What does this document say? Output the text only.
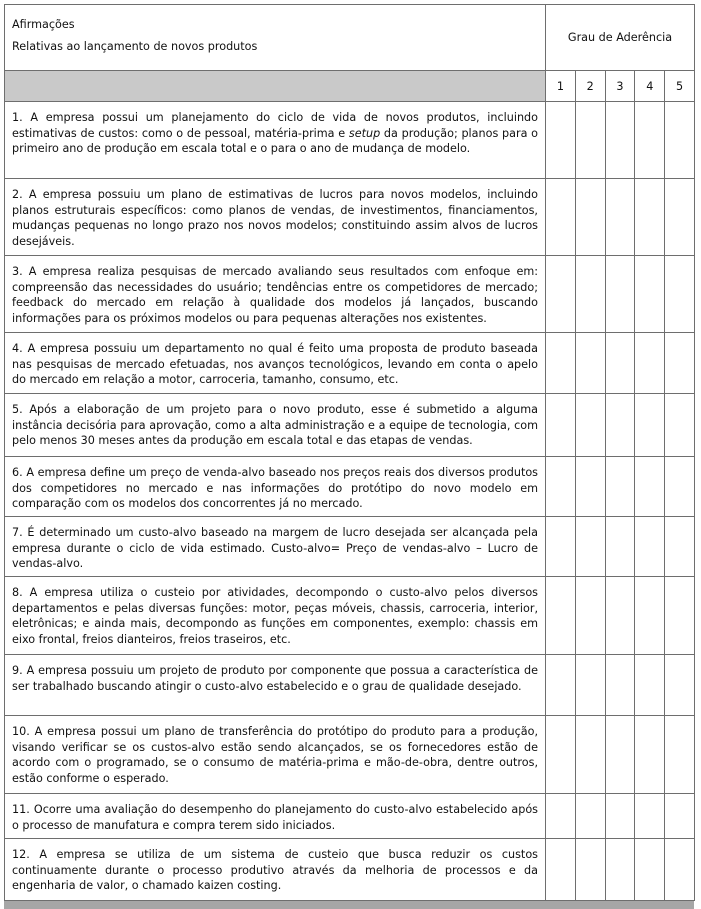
Afirmações
Relativas ao lançamento de novos produtos	Grau de Aderência				
	1	2	3	4	5
1. A empresa possui um planejamento do ciclo de vida de novos produtos, incluindo estimativas de custos: como o de pessoal, matéria-prima e setup da produção; planos para o primeiro ano de produção em escala total e o para o ano de mudança de modelo.					
2. A empresa possuiu um plano de estimativas de lucros para novos modelos, incluindo planos estruturais específicos: como planos de vendas, de investimentos, financiamentos, mudanças pequenas no longo prazo nos novos modelos; constituindo assim alvos de lucros desejáveis.					
3. A empresa realiza pesquisas de mercado avaliando seus resultados com enfoque em: compreensão das necessidades do usuário; tendências entre os competidores de mercado; feedback do mercado em relação à qualidade dos modelos já lançados, buscando informações para os próximos modelos ou para pequenas alterações nos existentes.					
4. A empresa possuiu um departamento no qual é feito uma proposta de produto baseada nas pesquisas de mercado efetuadas, nos avanços tecnológicos, levando em conta o apelo do mercado em relação a motor, carroceria, tamanho, consumo, etc.					
5. Após a elaboração de um projeto para o novo produto, esse é submetido a alguma instância decisória para aprovação, como a alta administração e a equipe de tecnologia, com pelo menos 30 meses antes da produção em escala total e das etapas de vendas.					
6. A empresa define um preço de venda-alvo baseado nos preços reais dos diversos produtos dos competidores no mercado e nas informações do protótipo do novo modelo em comparação com os modelos dos concorrentes já no mercado.					
7. É determinado um custo-alvo baseado na margem de lucro desejada ser alcançada pela empresa durante o ciclo de vida estimado. Custo-alvo= Preço de vendas-alvo – Lucro de vendas-alvo.					
8. A empresa utiliza o custeio por atividades, decompondo o custo-alvo pelos diversos departamentos e pelas diversas funções: motor, peças móveis, chassis, carroceria, interior, eletrônicas; e ainda mais, decompondo as funções em componentes, exemplo: chassis em eixo frontal, freios dianteiros, freios traseiros, etc.					
9. A empresa possuiu um projeto de produto por componente que possua a característica de ser trabalhado buscando atingir o custo-alvo estabelecido e o grau de qualidade desejado.					
10. A empresa possui um plano de transferência do protótipo do produto para a produção, visando verificar se os custos-alvo estão sendo alcançados, se os fornecedores estão de acordo com o programado, se o consumo de matéria-prima e mão-de-obra, dentre outros, estão conforme o esperado.					
11. Ocorre uma avaliação do desempenho do planejamento do custo-alvo estabelecido após o processo de manufatura e compra terem sido iniciados.					
12. A empresa se utiliza de um sistema de custeio que busca reduzir os custos continuamente durante o processo produtivo através da melhoria de processos e da engenharia de valor, o chamado kaizen costing.					
